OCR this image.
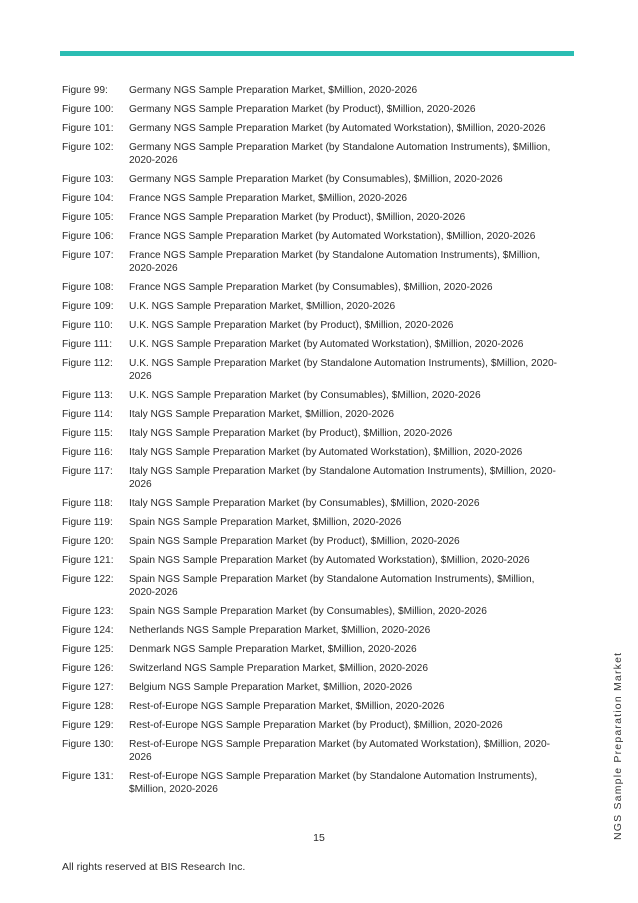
Figure 99:	Germany NGS Sample Preparation Market, $Million, 2020-2026
Figure 100:	Germany NGS Sample Preparation Market (by Product), $Million, 2020-2026
Figure 101:	Germany NGS Sample Preparation Market (by Automated Workstation), $Million, 2020-2026
Figure 102:	Germany NGS Sample Preparation Market (by Standalone Automation Instruments), $Million, 2020-2026
Figure 103:	Germany NGS Sample Preparation Market (by Consumables), $Million, 2020-2026
Figure 104:	France NGS Sample Preparation Market, $Million, 2020-2026
Figure 105:	France NGS Sample Preparation Market (by Product), $Million, 2020-2026
Figure 106:	France NGS Sample Preparation Market (by Automated Workstation), $Million, 2020-2026
Figure 107:	France NGS Sample Preparation Market (by Standalone Automation Instruments), $Million, 2020-2026
Figure 108:	France NGS Sample Preparation Market (by Consumables), $Million, 2020-2026
Figure 109:	U.K. NGS Sample Preparation Market, $Million, 2020-2026
Figure 110:	U.K. NGS Sample Preparation Market (by Product), $Million, 2020-2026
Figure 111:	U.K. NGS Sample Preparation Market (by Automated Workstation), $Million, 2020-2026
Figure 112:	U.K. NGS Sample Preparation Market (by Standalone Automation Instruments), $Million, 2020-2026
Figure 113:	U.K. NGS Sample Preparation Market (by Consumables), $Million, 2020-2026
Figure 114:	Italy NGS Sample Preparation Market, $Million, 2020-2026
Figure 115:	Italy NGS Sample Preparation Market (by Product), $Million, 2020-2026
Figure 116:	Italy NGS Sample Preparation Market (by Automated Workstation), $Million, 2020-2026
Figure 117:	Italy NGS Sample Preparation Market (by Standalone Automation Instruments), $Million, 2020-2026
Figure 118:	Italy NGS Sample Preparation Market (by Consumables), $Million, 2020-2026
Figure 119:	Spain NGS Sample Preparation Market, $Million, 2020-2026
Figure 120:	Spain NGS Sample Preparation Market (by Product), $Million, 2020-2026
Figure 121:	Spain NGS Sample Preparation Market (by Automated Workstation), $Million, 2020-2026
Figure 122:	Spain NGS Sample Preparation Market (by Standalone Automation Instruments), $Million, 2020-2026
Figure 123:	Spain NGS Sample Preparation Market (by Consumables), $Million, 2020-2026
Figure 124:	Netherlands NGS Sample Preparation Market, $Million, 2020-2026
Figure 125:	Denmark NGS Sample Preparation Market, $Million, 2020-2026
Figure 126:	Switzerland NGS Sample Preparation Market, $Million, 2020-2026
Figure 127:	Belgium NGS Sample Preparation Market, $Million, 2020-2026
Figure 128:	Rest-of-Europe NGS Sample Preparation Market, $Million, 2020-2026
Figure 129:	Rest-of-Europe NGS Sample Preparation Market (by Product), $Million, 2020-2026
Figure 130:	Rest-of-Europe NGS Sample Preparation Market (by Automated Workstation), $Million, 2020-2026
Figure 131:	Rest-of-Europe NGS Sample Preparation Market (by Standalone Automation Instruments), $Million, 2020-2026	NGS Sample Preparation Market
15
All rights reserved at BIS Research Inc.
